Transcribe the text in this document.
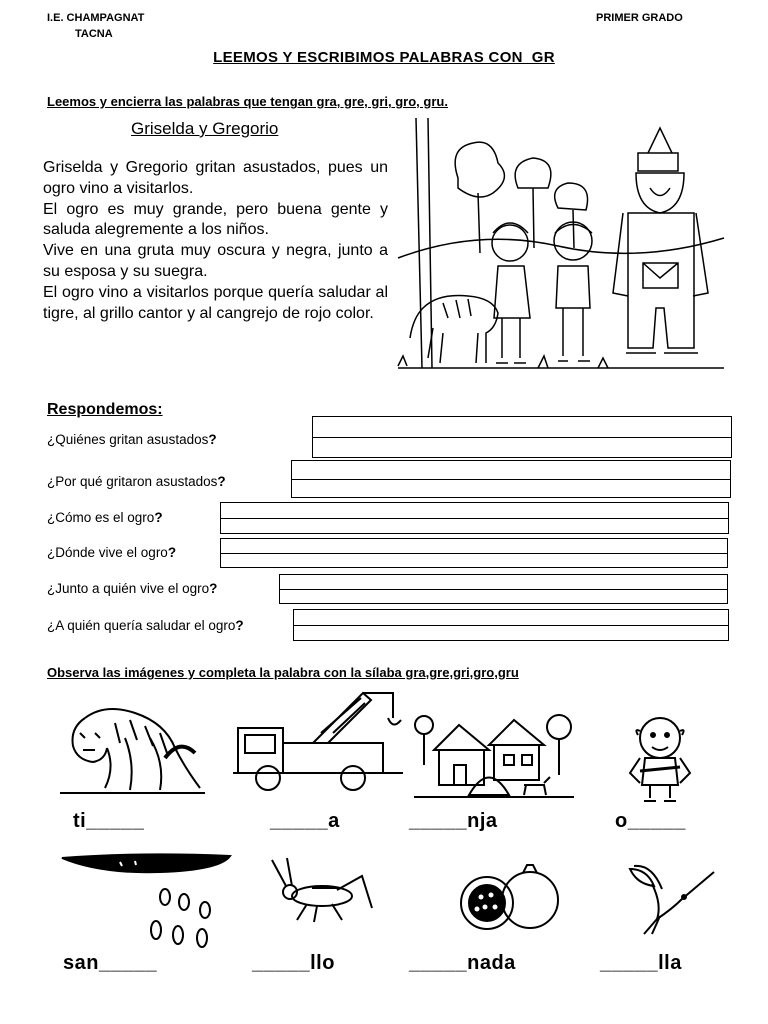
I.E. CHAMPAGNAT
TACNA
PRIMER GRADO
LEEMOS Y ESCRIBIMOS PALABRAS CON  GR
Leemos y encierra las palabras que tengan gra, gre, gri, gro, gru.
Griselda y Gregorio

Griselda y Gregorio gritan asustados, pues un ogro vino a visitarlos.

El ogro es muy grande, pero buena gente y saluda alegremente a los niños.

Vive en una gruta muy oscura y negra, junto a su esposa y su suegra.

El ogro vino a visitarlos porque quería saludar al tigre, al grillo cantor y al cangrejo de rojo color.

Respondemos:
¿Quiénes gritan asustados?
¿Por qué gritaron asustados?
¿Cómo es el ogro?
¿Dónde vive el ogro?
¿Junto a quién vive el ogro?
¿A quién quería saludar el ogro?
Observa las imágenes y completa la palabra con la sílaba gra,gre,gri,gro,gru
ti_____	_____a	_____nja	o_____
san_____	_____llo	_____nada	_____lla
